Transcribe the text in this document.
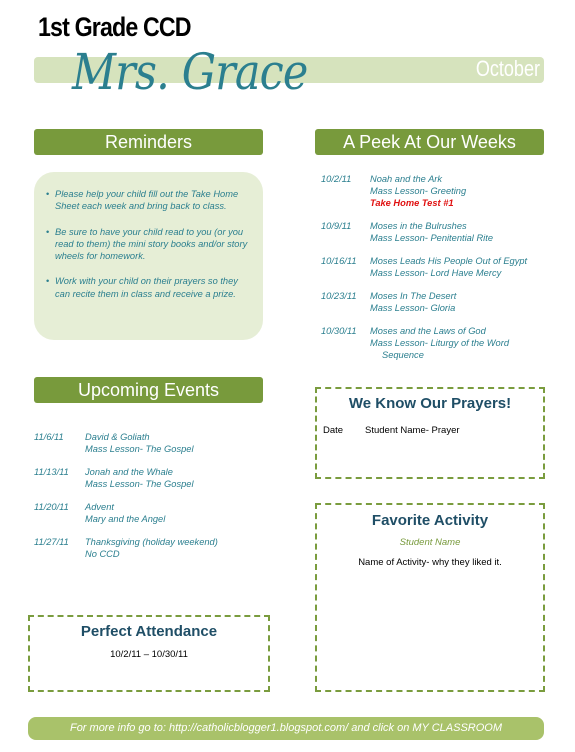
1st Grade CCD
Mrs. Grace	October 2011
Reminders
• Please help your child fill out the Take Home Sheet each week and bring back to class.
• Be sure to have your child read to you (or you read to them) the mini story books and/or story wheels for homework.
• Work with your child on their prayers so they can recite them in class and receive a prize.
A Peek At Our Weeks
10/2/11	Noah and the Ark
Mass Lesson- Greeting
Take Home Test #1
10/9/11	Moses in the Bulrushes
Mass Lesson- Penitential Rite
10/16/11	Moses Leads His People Out of Egypt
Mass Lesson- Lord Have Mercy
10/23/11	Moses In The Desert
Mass Lesson- Gloria
10/30/11	Moses and the Laws of God
Mass Lesson- Liturgy of the Word
Sequence
Upcoming Events
11/6/11	David & Goliath
Mass Lesson- The Gospel
11/13/11	Jonah and the Whale
Mass Lesson- The Gospel
11/20/11	Advent
Mary and the Angel
11/27/11	Thanksgiving (holiday weekend)
No CCD
We Know Our Prayers!
Date Student Name- Prayer
Favorite Activity
Student Name
Name of Activity- why they liked it.
Perfect Attendance
10/2/11 – 10/30/11
For more info go to: http://catholicblogger1.blogspot.com/ and click on MY CLASSROOM
